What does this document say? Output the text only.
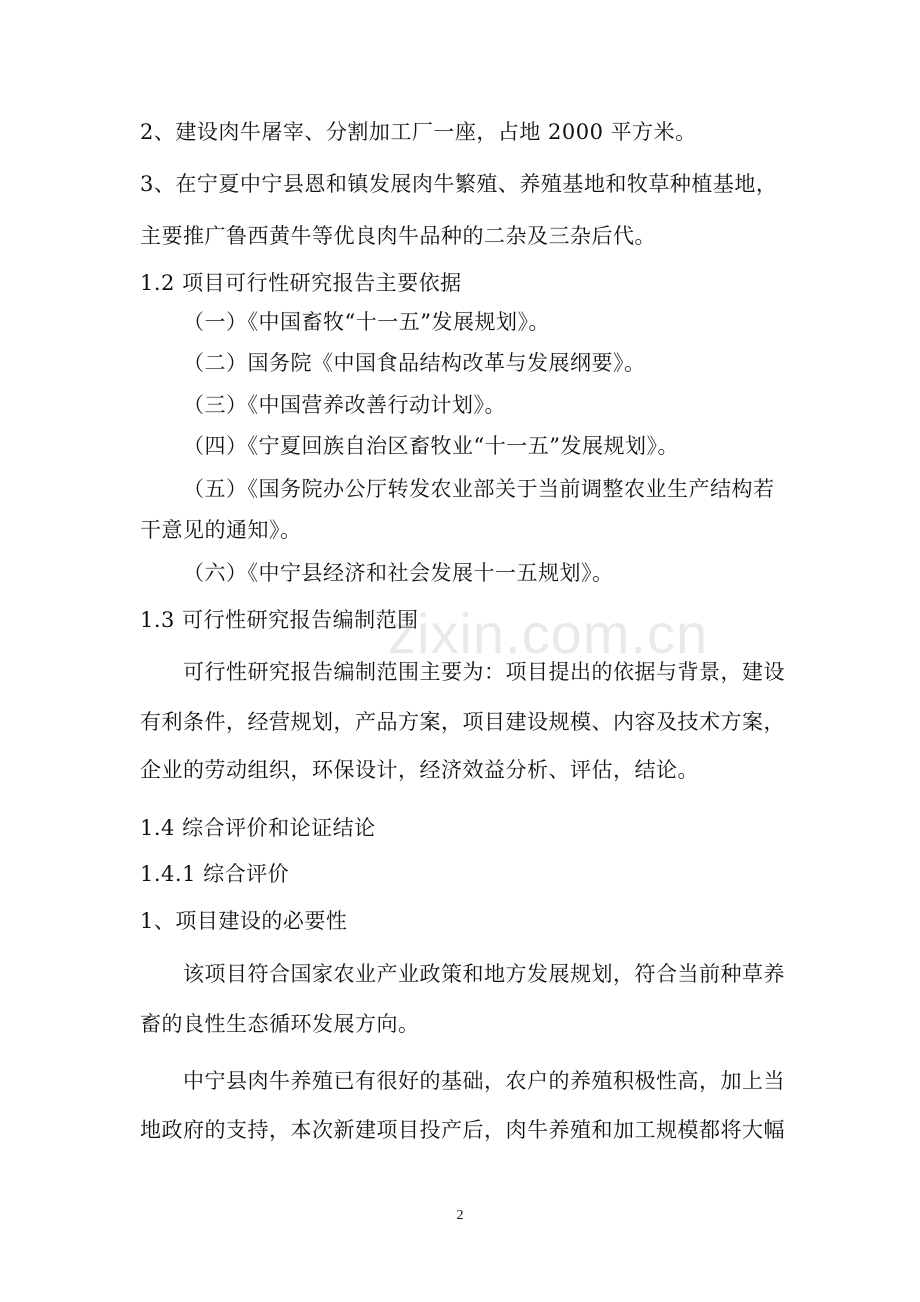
2、建设肉牛屠宰、分割加工厂一座，占地 2000 平方米。
3、在宁夏中宁县恩和镇发展肉牛繁殖、养殖基地和牧草种植基地，
主要推广鲁西黄牛等优良肉牛品种的二杂及三杂后代。
1.2 项目可行性研究报告主要依据
（一）《中国畜牧“十一五”发展规划》。
（二）国务院《中国食品结构改革与发展纲要》。
（三）《中国营养改善行动计划》。
（四）《宁夏回族自治区畜牧业“十一五”发展规划》。
（五）《国务院办公厅转发农业部关于当前调整农业生产结构若
干意见的通知》。
（六）《中宁县经济和社会发展十一五规划》。
1.3 可行性研究报告编制范围
可行性研究报告编制范围主要为：项目提出的依据与背景，建设
有利条件，经营规划，产品方案，项目建设规模、内容及技术方案，
企业的劳动组织，环保设计，经济效益分析、评估，结论。
1.4 综合评价和论证结论
1.4.1 综合评价
1、项目建设的必要性
该项目符合国家农业产业政策和地方发展规划，符合当前种草养
畜的良性生态循环发展方向。
中宁县肉牛养殖已有很好的基础，农户的养殖积极性高，加上当
地政府的支持，本次新建项目投产后，肉牛养殖和加工规模都将大幅
zixin.com.cn
2
